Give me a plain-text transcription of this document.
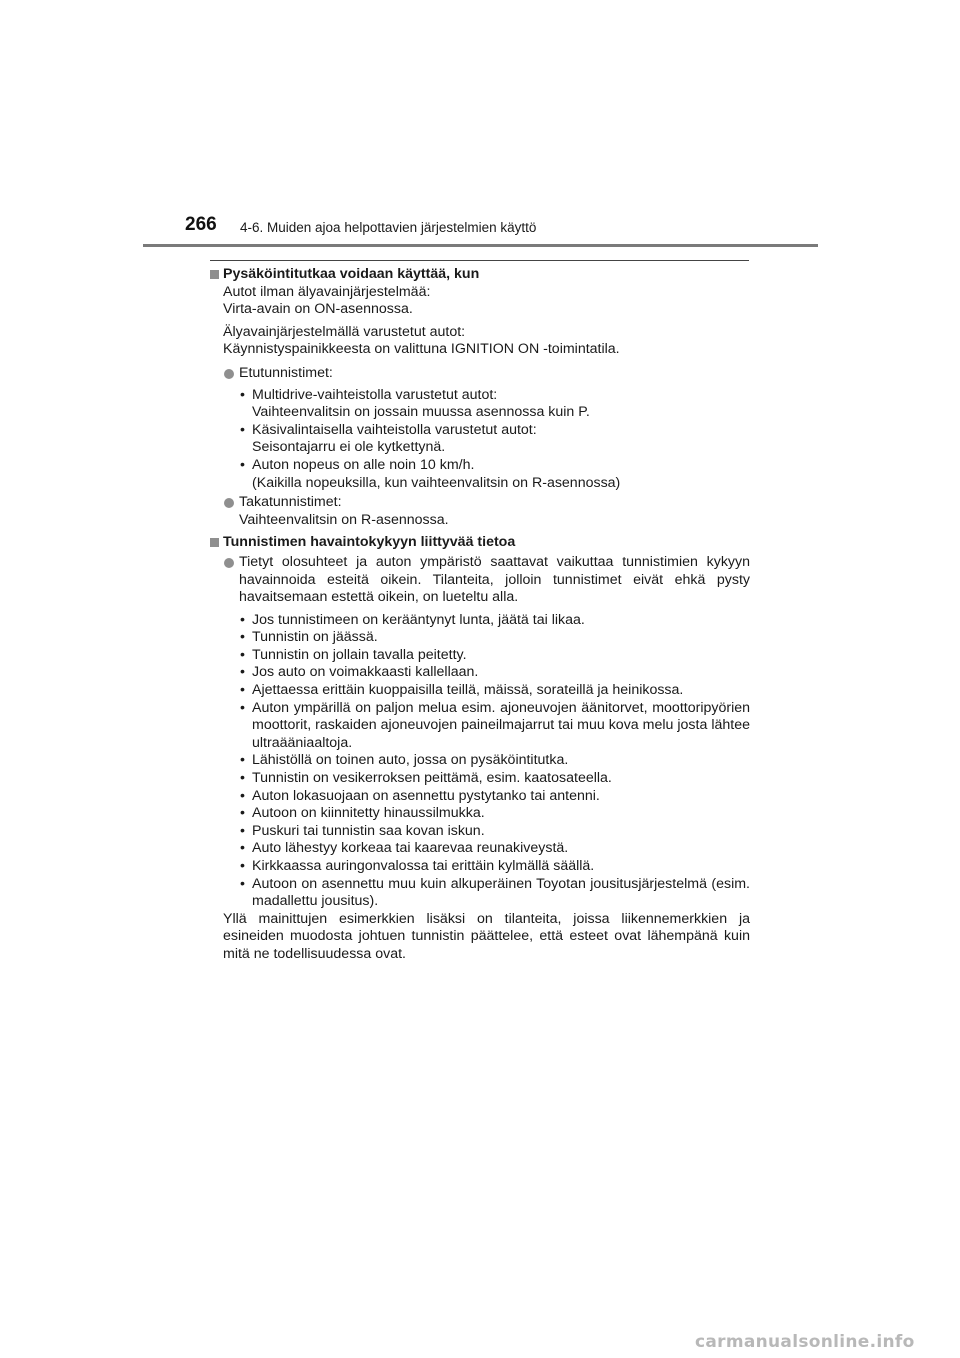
266 4-6. Muiden ajoa helpottavien järjestelmien käyttö
Pysäköintitutkaa voidaan käyttää, kun
Autot ilman älyavainjärjestelmää:
Virta-avain on ON-asennossa.
Älyavainjärjestelmällä varustetut autot:
Käynnistyspainikkeesta on valittuna IGNITION ON -toimintatila.
Etutunnistimet:
• Multidrive-vaihteistolla varustetut autot:
Vaihteenvalitsin on jossain muussa asennossa kuin P.
• Käsivalintaisella vaihteistolla varustetut autot:
Seisontajarru ei ole kytkettynä.
• Auton nopeus on alle noin 10 km/h.
(Kaikilla nopeuksilla, kun vaihteenvalitsin on R-asennossa)
Takatunnistimet:
Vaihteenvalitsin on R-asennossa.
Tunnistimen havaintokykyyn liittyvää tietoa
Tietyt olosuhteet ja auton ympäristö saattavat vaikuttaa tunnistimien kykyyn havainnoida esteitä oikein. Tilanteita, jolloin tunnistimet eivät ehkä pysty havaitsemaan estettä oikein, on lueteltu alla.
• Jos tunnistimeen on kerääntynyt lunta, jäätä tai likaa.
• Tunnistin on jäässä.
• Tunnistin on jollain tavalla peitetty.
• Jos auto on voimakkaasti kallellaan.
• Ajettaessa erittäin kuoppaisilla teillä, mäissä, sorateillä ja heinikossa.
• Auton ympärillä on paljon melua esim. ajoneuvojen äänitorvet, moottoripyörien moottorit, raskaiden ajoneuvojen paineilmajarrut tai muu kova melu josta lähtee ultraääniaaltoja.
• Lähistöllä on toinen auto, jossa on pysäköintitutka.
• Tunnistin on vesikerroksen peittämä, esim. kaatosateella.
• Auton lokasuojaan on asennettu pystytanko tai antenni.
• Autoon on kiinnitetty hinaussilmukka.
• Puskuri tai tunnistin saa kovan iskun.
• Auto lähestyy korkeaa tai kaarevaa reunakiveystä.
• Kirkkaassa auringonvalossa tai erittäin kylmällä säällä.
• Autoon on asennettu muu kuin alkuperäinen Toyotan jousitusjärjestelmä (esim. madallettu jousitus).
Yllä mainittujen esimerkkien lisäksi on tilanteita, joissa liikennemerkkien ja esineiden muodosta johtuen tunnistin päättelee, että esteet ovat lähempänä kuin mitä ne todellisuudessa ovat.
carmanualsonline.info
